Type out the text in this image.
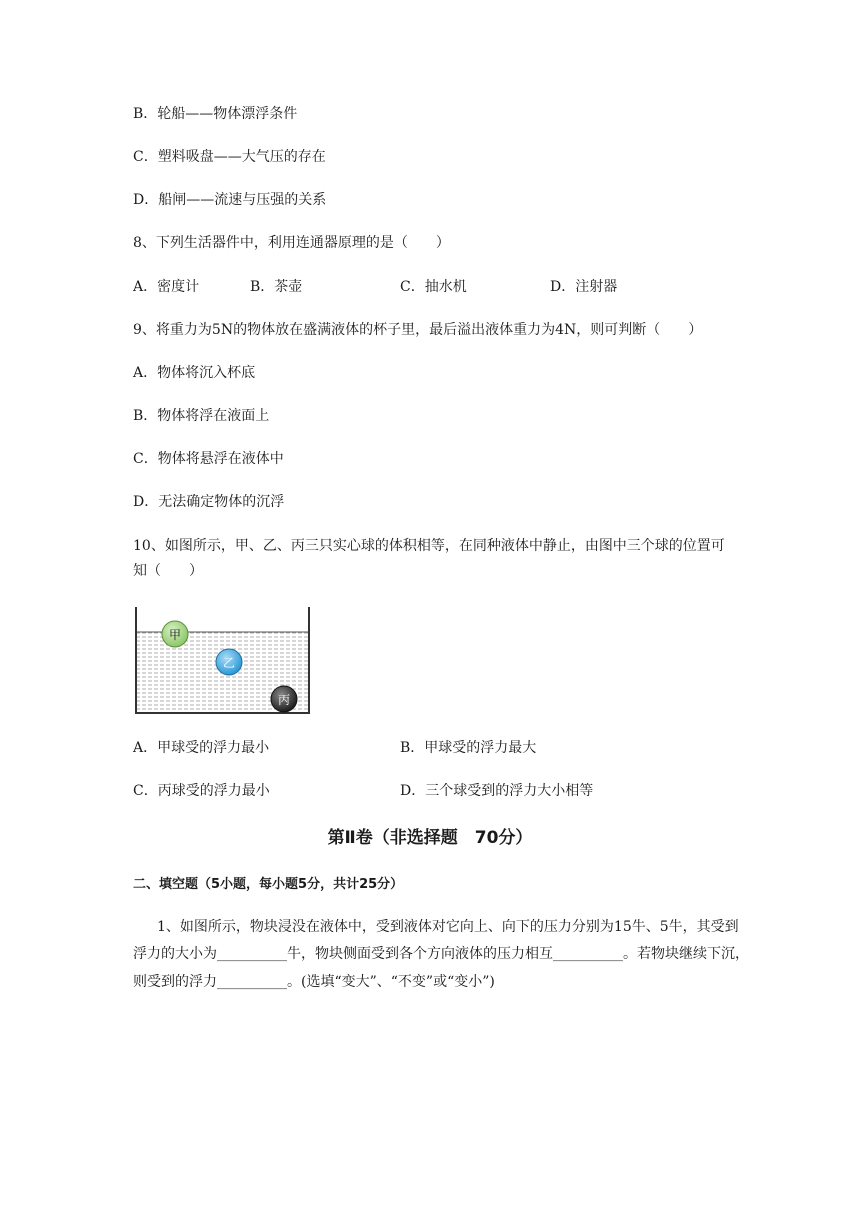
B．轮船——物体漂浮条件
C．塑料吸盘——大气压的存在
D．船闸——流速与压强的关系
8、下列生活器件中，利用连通器原理的是（　　）
A．密度计	B．茶壶	C．抽水机	D．注射器
9、将重力为5N的物体放在盛满液体的杯子里，最后溢出液体重力为4N，则可判断（　　）
A．物体将沉入杯底
B．物体将浮在液面上
C．物体将悬浮在液体中
D．无法确定物体的沉浮
10、如图所示，甲、乙、丙三只实心球的体积相等，在同种液体中静止，由图中三个球的位置可
知（　　）
甲
乙
丙
A．甲球受的浮力最小	B．甲球受的浮力最大
C．丙球受的浮力最小	D．三个球受到的浮力大小相等
第Ⅱ卷（非选择题　70分）
二、填空题（5小题，每小题5分，共计25分）
1、如图所示，物块浸没在液体中，受到液体对它向上、向下的压力分别为15牛、5牛，其受到
浮力的大小为__________牛，物块侧面受到各个方向液体的压力相互__________。若物块继续下沉，
则受到的浮力__________。(选填“变大”、“不变”或“变小”)
